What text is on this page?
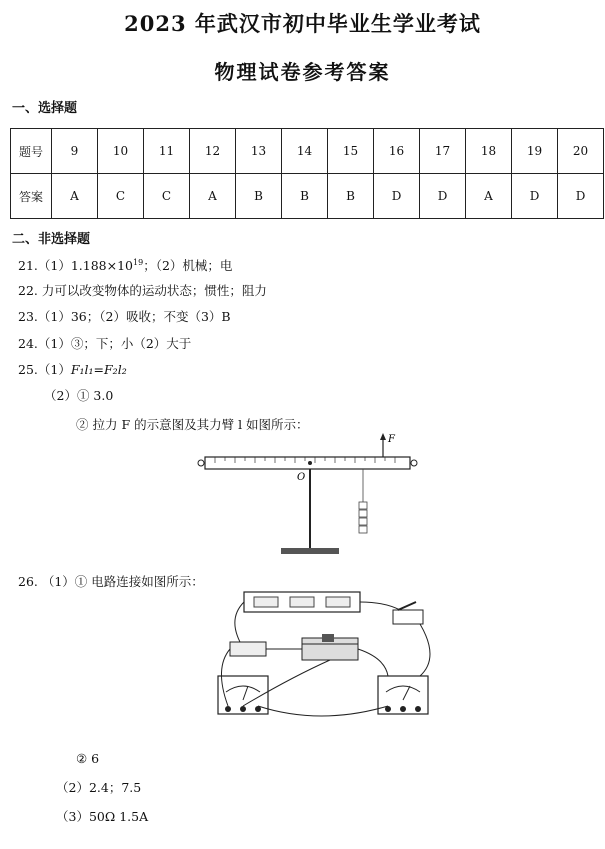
2023 年武汉市初中毕业生学业考试
物理试卷参考答案
一、选择题
题号	9	10	11	12	13	14	15	16	17	18	19	20
答案	A	C	C	A	B	B	B	D	D	A	D	D
二、非选择题
$21.(1)1.188\times 10^{19}$；（2）机械；电
22. 力可以改变物体的运动状态；惯性；阻力
23.（1）36；（2）吸收；不变（3）B
24.（1）③；下；小（2）大于
25.（1）F₁l₁=F₂l₂
（2）① 3.0
② 拉力 F 的示意图及其力臂 l 如图所示：
O
F
26. （1）① 电路连接如图所示：
② 6
（2）2.4；7.5
（3）50Ω 1.5A
